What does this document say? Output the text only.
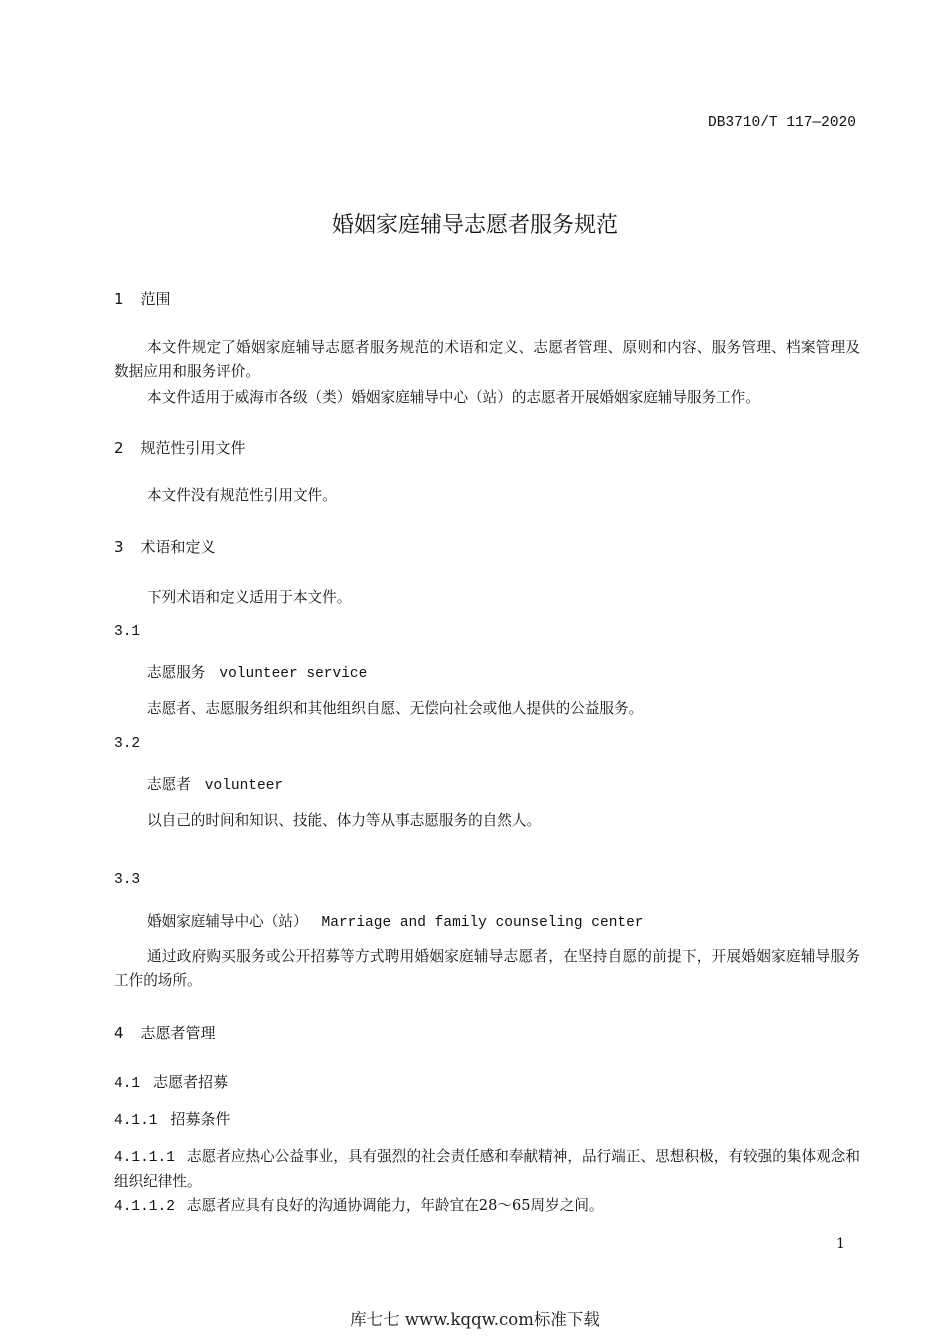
DB3710/T 117—2020
婚姻家庭辅导志愿者服务规范
1 范围
本文件规定了婚姻家庭辅导志愿者服务规范的术语和定义、志愿者管理、原则和内容、服务管理、档案管理及数据应用和服务评价。
本文件适用于威海市各级（类）婚姻家庭辅导中心（站）的志愿者开展婚姻家庭辅导服务工作。
2 规范性引用文件
本文件没有规范性引用文件。
3 术语和定义
下列术语和定义适用于本文件。
3.1
志愿服务 volunteer service
志愿者、志愿服务组织和其他组织自愿、无偿向社会或他人提供的公益服务。
3.2
志愿者 volunteer
以自己的时间和知识、技能、体力等从事志愿服务的自然人。
3.3
婚姻家庭辅导中心（站） Marriage and family counseling center
通过政府购买服务或公开招募等方式聘用婚姻家庭辅导志愿者，在坚持自愿的前提下，开展婚姻家庭辅导服务工作的场所。
4 志愿者管理
4.1 志愿者招募
4.1.1 招募条件
4.1.1.1 志愿者应热心公益事业，具有强烈的社会责任感和奉献精神，品行端正、思想积极，有较强的集体观念和组织纪律性。
4.1.1.2 志愿者应具有良好的沟通协调能力，年龄宜在28～65周岁之间。
1
库七七 www.kqqw.com标准下载
